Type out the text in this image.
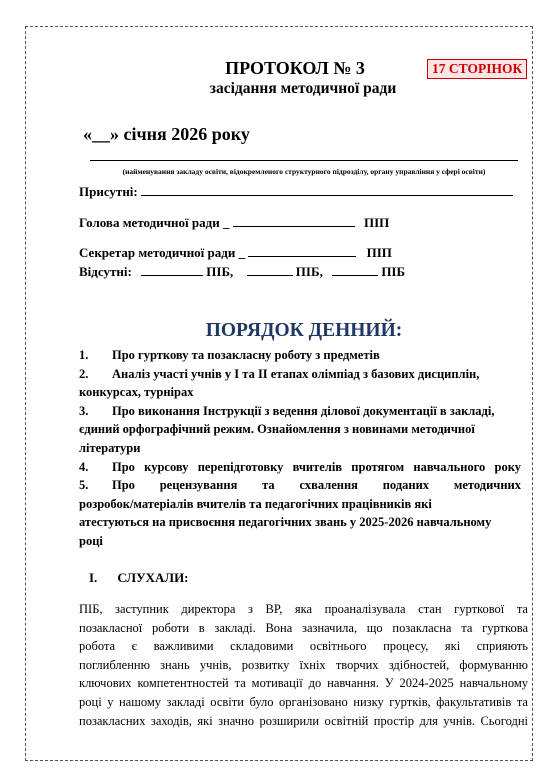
ПРОТОКОЛ № 3
засідання методичної ради
17 СТОРІНОК
«__» січня 2026 року
(найменування закладу освіти, відокремленого структурного підрозділу, органу управління у сфері освіти)
Присутні:
Голова методичної ради _	ПІП
Секретар методичної ради _	ПІП
Відсутні:	ПІБ,	ПІБ,	ПІБ
ПОРЯДОК ДЕННИЙ:
1. Про гурткову та позакласну роботу з предметів
2. Аналіз участі учнів у І та ІІ етапах олімпіад з базових дисциплін,
конкурсах, турнірах
3. Про виконання Інструкції з ведення ділової документації в закладі,
єдиний орфографічний режим. Ознайомлення з новинами методичної
літератури
4.	Про курсову перепідготовку вчителів протягом навчального року
5.	Про рецензування та схвалення поданих методичних
розробок/матеріалів вчителів та педагогічних працівників які
атестуються на присвоєння педагогічних звань у 2025-2026 навчальному
році
I. СЛУХАЛИ:
ПІБ, заступник директора з ВР, яка проаналізувала стан гурткової та
позакласної роботи в закладі. Вона зазначила, що позакласна та гурткова
робота є важливими складовими освітнього процесу, які сприяють
поглибленню знань учнів, розвитку їхніх творчих здібностей, формуванню
ключових компетентностей та мотивації до навчання. У 2024-2025 навчальному
році у нашому закладі освіти було організовано низку гуртків, факультативів та
позакласних заходів, які значно розширили освітній простір для учнів. Сьогодні
